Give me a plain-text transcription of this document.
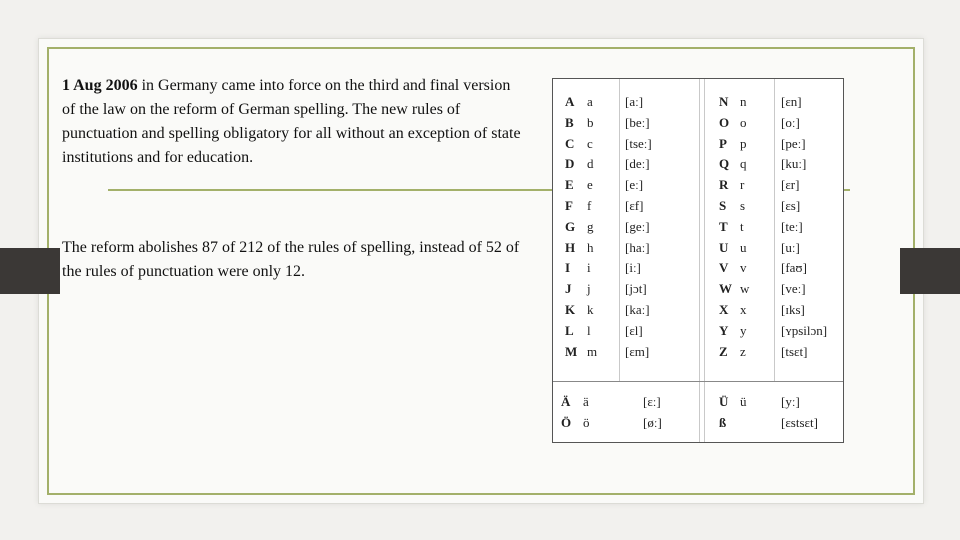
1 Aug 2006 in Germany came into force on the third and final version of the law on the reform of German spelling. The new rules of punctuation and spelling obligatory for all without an exception of state institutions and for education.
The reform abolishes 87 of 212 of the rules of spelling, instead of 52 of the rules of punctuation were only 12.
A a [aː]
B b [beː]
C c [tseː]
D d [deː]
E e [eː]
F f	[ɛf]
G g [geː]
H h [haː]
I i	[iː]
J j	[jɔt]
K k [kaː]
L l	[ɛl]
M m [ɛm]
N n	[ɛn]
O o	[oː]
P p	[peː]
Q q	[kuː]
R r	[ɛr]
S s	[ɛs]
T t	[teː]
U u	[uː]
V v	[faʊ]
W w [veː]
X x	[ɪks]
Y y	[ʏpsilɔn]
Z z	[tsɛt]
Ä ä	[ɛː]
Ö ö	[øː]
Ü ü	[yː]
ß	[ɛstsɛt]
